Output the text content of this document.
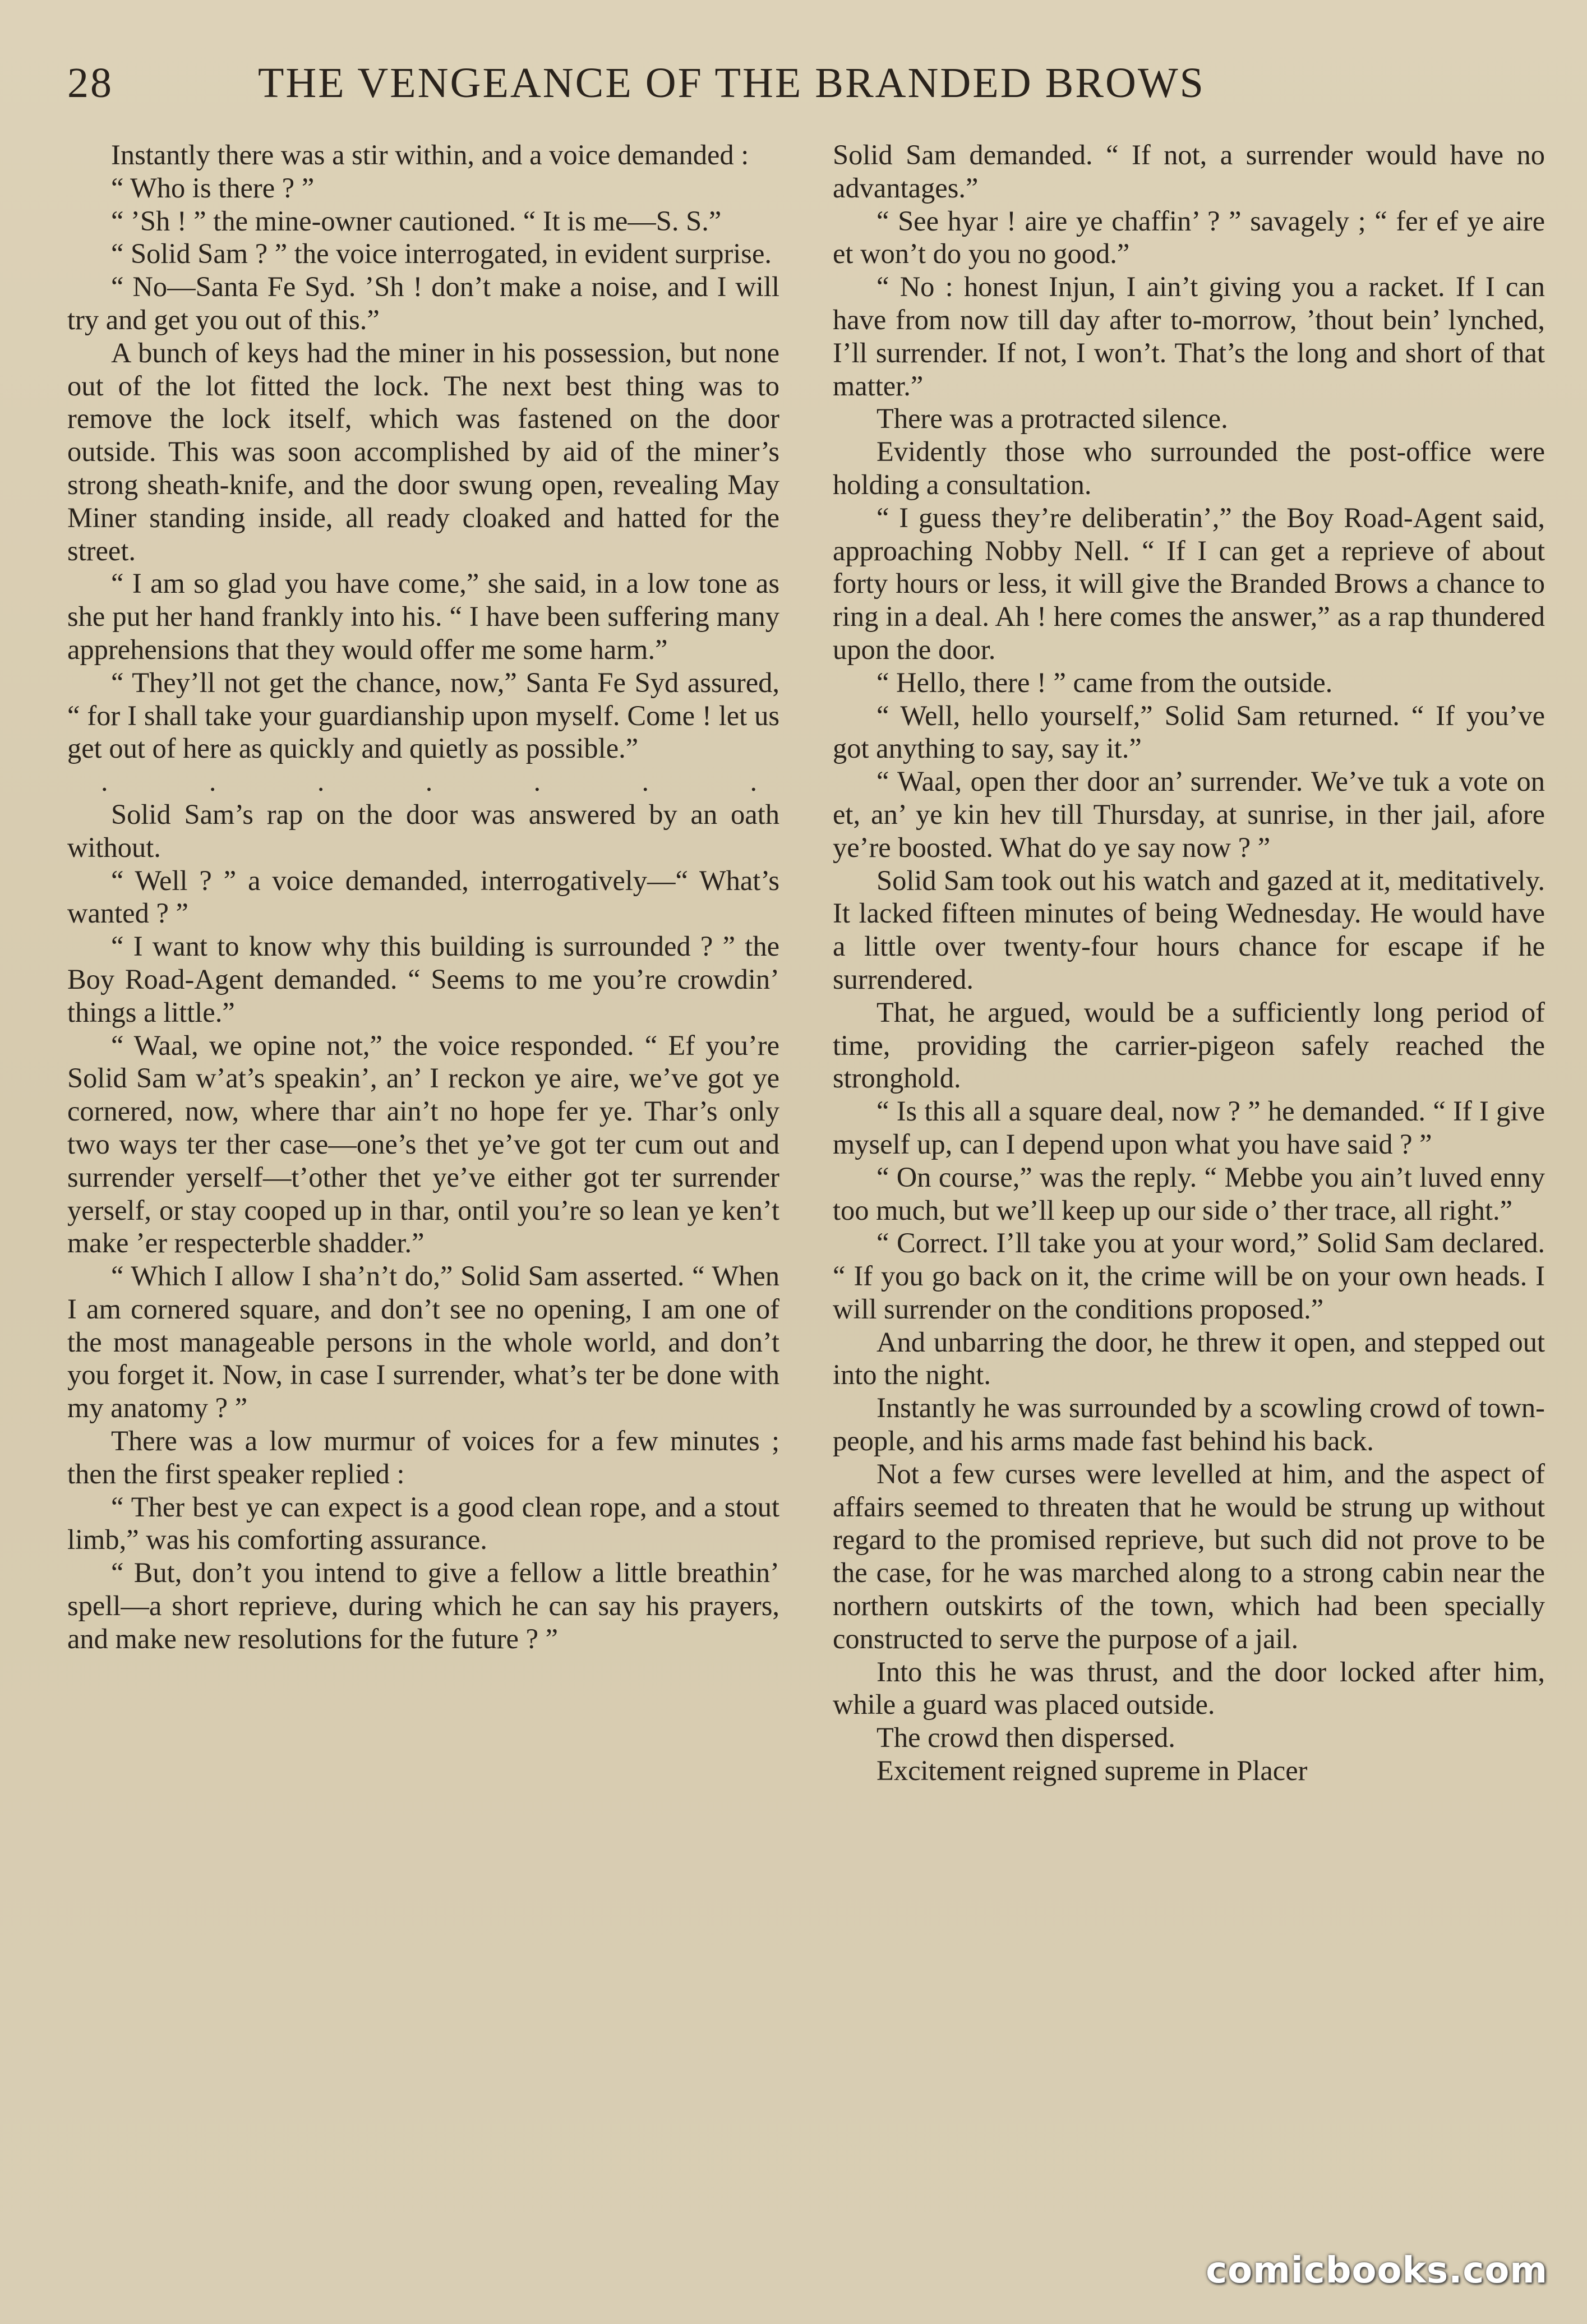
28	THE VENGEANCE OF THE BRANDED BROWS

Instantly there was a stir within, and a voice demanded :

“ Who is there ? ”

“ ’Sh ! ” the mine-owner cautioned. “ It is me—S. S.”

“ Solid Sam ? ” the voice interrogated, in evident surprise.

“ No—Santa Fe Syd. ’Sh ! don’t make a noise, and I will try and get you out of this.”

A bunch of keys had the miner in his possession, but none out of the lot fitted the lock. The next best thing was to remove the lock itself, which was fastened on the door outside. This was soon accomplished by aid of the miner’s strong sheath-knife, and the door swung open, revealing May Miner standing inside, all ready cloaked and hatted for the street.

“ I am so glad you have come,” she said, in a low tone as she put her hand frankly into his. “ I have been suffering many apprehensions that they would offer me some harm.”

“ They’ll not get the chance, now,” Santa Fe Syd assured, “ for I shall take your guardianship upon myself. Come ! let us get out of here as quickly and quietly as possible.”

.	.	.	.	.	.	.

Solid Sam’s rap on the door was answered by an oath without.

“ Well ? ” a voice demanded, interrogatively—“ What’s wanted ? ”

“ I want to know why this building is surrounded ? ” the Boy Road-Agent demanded. “ Seems to me you’re crowdin’ things a little.”

“ Waal, we opine not,” the voice responded. “ Ef you’re Solid Sam w’at’s speakin’, an’ I reckon ye aire, we’ve got ye cornered, now, where thar ain’t no hope fer ye. Thar’s only two ways ter ther case—one’s thet ye’ve got ter cum out and surrender yerself—t’other thet ye’ve either got ter surrender yerself, or stay cooped up in thar, ontil you’re so lean ye ken’t make ’er respecterble shadder.”

“ Which I allow I sha’n’t do,” Solid Sam asserted. “ When I am cornered square, and don’t see no opening, I am one of the most manageable persons in the whole world, and don’t you forget it. Now, in case I surrender, what’s ter be done with my anatomy ? ”

There was a low murmur of voices for a few minutes ; then the first speaker replied :

“ Ther best ye can expect is a good clean rope, and a stout limb,” was his comforting assurance.

“ But, don’t you intend to give a fellow a little breathin’ spell—a short reprieve, during which he can say his prayers, and make new resolutions for the future ? ”

Solid Sam demanded. “ If not, a surrender would have no advantages.”

“ See hyar ! aire ye chaffin’ ? ” savagely ; “ fer ef ye aire et won’t do you no good.”

“ No : honest Injun, I ain’t giving you a racket. If I can have from now till day after to-morrow, ’thout bein’ lynched, I’ll surrender. If not, I won’t. That’s the long and short of that matter.”

There was a protracted silence.

Evidently those who surrounded the post-office were holding a consultation.

“ I guess they’re deliberatin’,” the Boy Road-Agent said, approaching Nobby Nell. “ If I can get a reprieve of about forty hours or less, it will give the Branded Brows a chance to ring in a deal. Ah ! here comes the answer,” as a rap thundered upon the door.

“ Hello, there ! ” came from the outside.

“ Well, hello yourself,” Solid Sam returned. “ If you’ve got anything to say, say it.”

“ Waal, open ther door an’ surrender. We’ve tuk a vote on et, an’ ye kin hev till Thursday, at sunrise, in ther jail, afore ye’re boosted. What do ye say now ? ”

Solid Sam took out his watch and gazed at it, meditatively. It lacked fifteen minutes of being Wednesday. He would have a little over twenty-four hours chance for escape if he surrendered.

That, he argued, would be a sufficiently long period of time, providing the carrier-pigeon safely reached the stronghold.

“ Is this all a square deal, now ? ” he demanded. “ If I give myself up, can I depend upon what you have said ? ”

“ On course,” was the reply. “ Mebbe you ain’t luved enny too much, but we’ll keep up our side o’ ther trace, all right.”

“ Correct. I’ll take you at your word,” Solid Sam declared. “ If you go back on it, the crime will be on your own heads. I will surrender on the conditions proposed.”

And unbarring the door, he threw it open, and stepped out into the night.

Instantly he was surrounded by a scowling crowd of town-people, and his arms made fast behind his back.

Not a few curses were levelled at him, and the aspect of affairs seemed to threaten that he would be strung up without regard to the promised reprieve, but such did not prove to be the case, for he was marched along to a strong cabin near the northern outskirts of the town, which had been specially constructed to serve the purpose of a jail.

Into this he was thrust, and the door locked after him, while a guard was placed outside.

The crowd then dispersed.

Excitement reigned supreme in Placer

comicbooks.com
